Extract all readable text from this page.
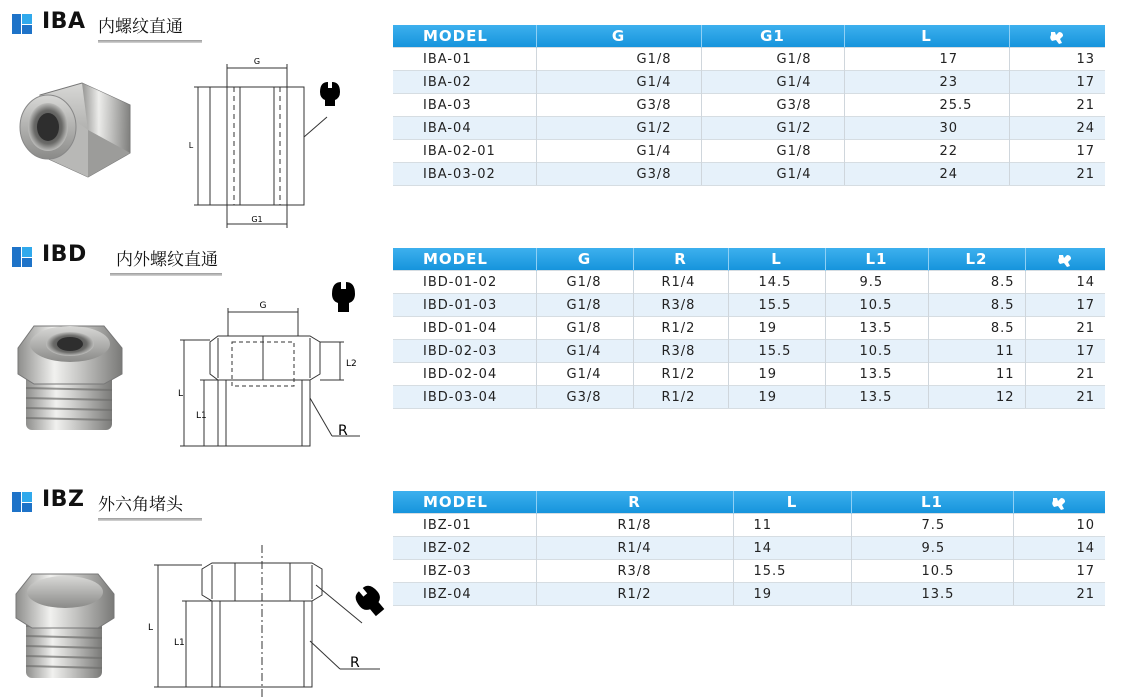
IBA 内螺纹直通
G
G1
L
MODEL	G	G1	L	
IBA-01	G1/8	G1/8	17	13
IBA-02	G1/4	G1/4	23	17
IBA-03	G3/8	G3/8	25.5	21
IBA-04	G1/2	G1/2	30	24
IBA-02-01	G1/4	G1/8	22	17
IBA-03-02	G3/8	G1/4	24	21
IBD 内外螺纹直通
G
L
L1
L2
R
MODEL	G	R	L	L1	L2	
IBD-01-02	G1/8	R1/4	14.5	9.5	8.5	14
IBD-01-03	G1/8	R3/8	15.5	10.5	8.5	17
IBD-01-04	G1/8	R1/2	19	13.5	8.5	21
IBD-02-03	G1/4	R3/8	15.5	10.5	11	17
IBD-02-04	G1/4	R1/2	19	13.5	11	21
IBD-03-04	G3/8	R1/2	19	13.5	12	21
IBZ 外六角堵头
L
L1
R
MODEL	R	L	L1	
IBZ-01	R1/8	11	7.5	10
IBZ-02	R1/4	14	9.5	14
IBZ-03	R3/8	15.5	10.5	17
IBZ-04	R1/2	19	13.5	21
